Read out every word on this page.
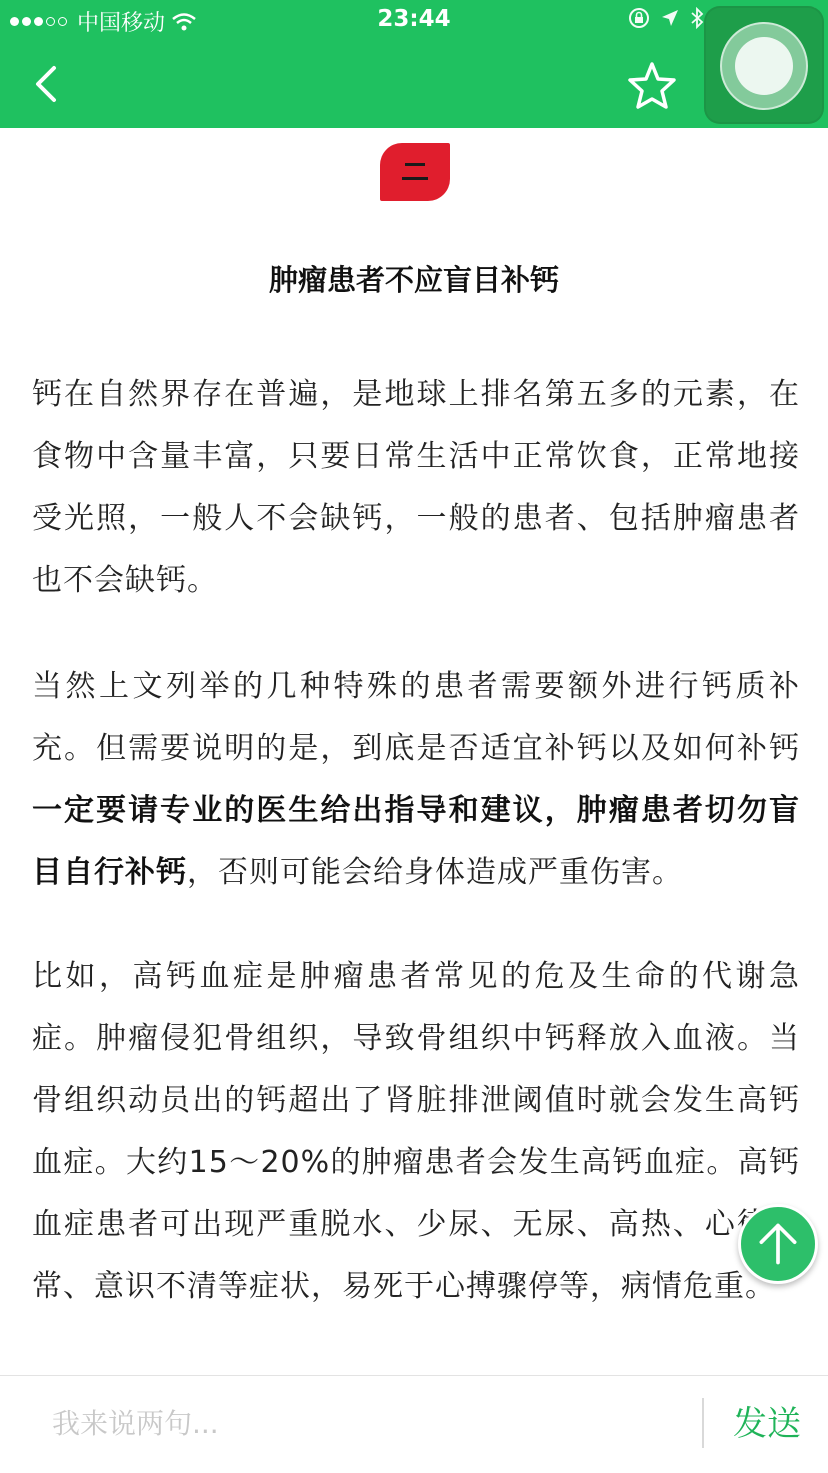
中国移动	23:44
肿瘤患者不应盲目补钙
钙在自然界存在普遍，是地球上排名第五多的元素，在食物中含量丰富，只要日常生活中正常饮食，正常地接受光照，一般人不会缺钙，一般的患者、包括肿瘤患者也不会缺钙。
当然上文列举的几种特殊的患者需要额外进行钙质补充。但需要说明的是，到底是否适宜补钙以及如何补钙一定要请专业的医生给出指导和建议，肿瘤患者切勿盲目自行补钙，否则可能会给身体造成严重伤害。
比如，高钙血症是肿瘤患者常见的危及生命的代谢急症。肿瘤侵犯骨组织，导致骨组织中钙释放入血液。当骨组织动员出的钙超出了肾脏排泄阈值时就会发生高钙血症。大约15～20%的肿瘤患者会发生高钙血症。高钙血症患者可出现严重脱水、少尿、无尿、高热、心律失常、意识不清等症状，易死于心搏骤停等，病情危重。
我来说两句...
发送
